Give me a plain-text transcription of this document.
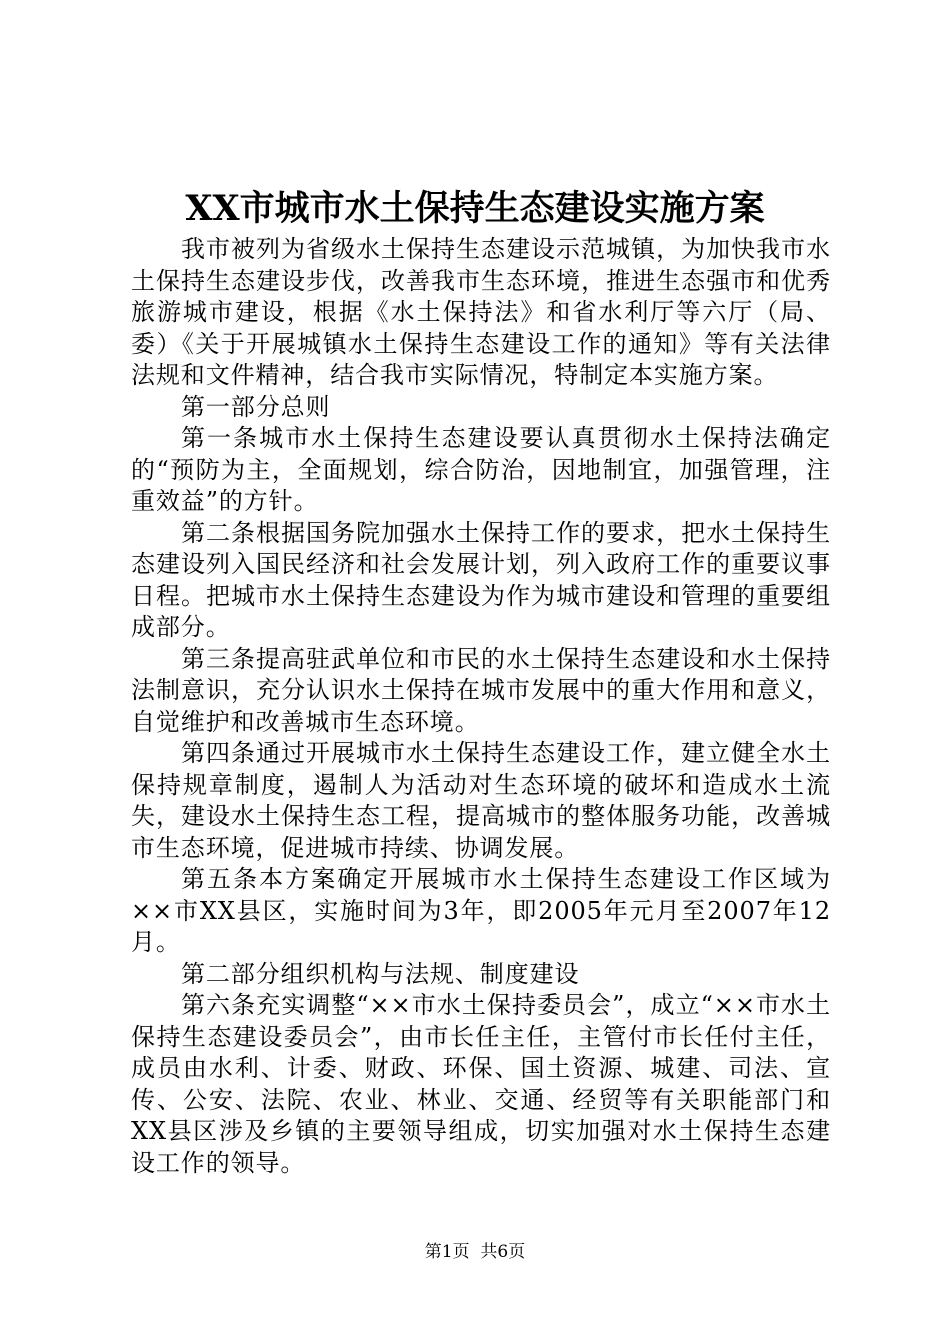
XX市城市水土保持生态建设实施方案

我市被列为省级水土保持生态建设示范城镇，为加快我市水土保持生态建设步伐，改善我市生态环境，推进生态强市和优秀旅游城市建设，根据《水土保持法》和省水利厅等六厅（局、委）《关于开展城镇水土保持生态建设工作的通知》等有关法律法规和文件精神，结合我市实际情况，特制定本实施方案。

第一部分总则

第一条城市水土保持生态建设要认真贯彻水土保持法确定的“预防为主，全面规划，综合防治，因地制宜，加强管理，注重效益”的方针。

第二条根据国务院加强水土保持工作的要求，把水土保持生态建设列入国民经济和社会发展计划，列入政府工作的重要议事日程。把城市水土保持生态建设为作为城市建设和管理的重要组成部分。

第三条提高驻武单位和市民的水土保持生态建设和水土保持法制意识，充分认识水土保持在城市发展中的重大作用和意义，自觉维护和改善城市生态环境。

第四条通过开展城市水土保持生态建设工作，建立健全水土保持规章制度，遏制人为活动对生态环境的破坏和造成水土流失，建设水土保持生态工程，提高城市的整体服务功能，改善城市生态环境，促进城市持续、协调发展。

第五条本方案确定开展城市水土保持生态建设工作区域为××市XX县区，实施时间为3年，即2005年元月至2007年12月。

第二部分组织机构与法规、制度建设

第六条充实调整“××市水土保持委员会”，成立“××市水土保持生态建设委员会”，由市长任主任，主管付市长任付主任，成员由水利、计委、财政、环保、国土资源、城建、司法、宣传、公安、法院、农业、林业、交通、经贸等有关职能部门和XX县区涉及乡镇的主要领导组成，切实加强对水土保持生态建设工作的领导。

第1页 共6页
